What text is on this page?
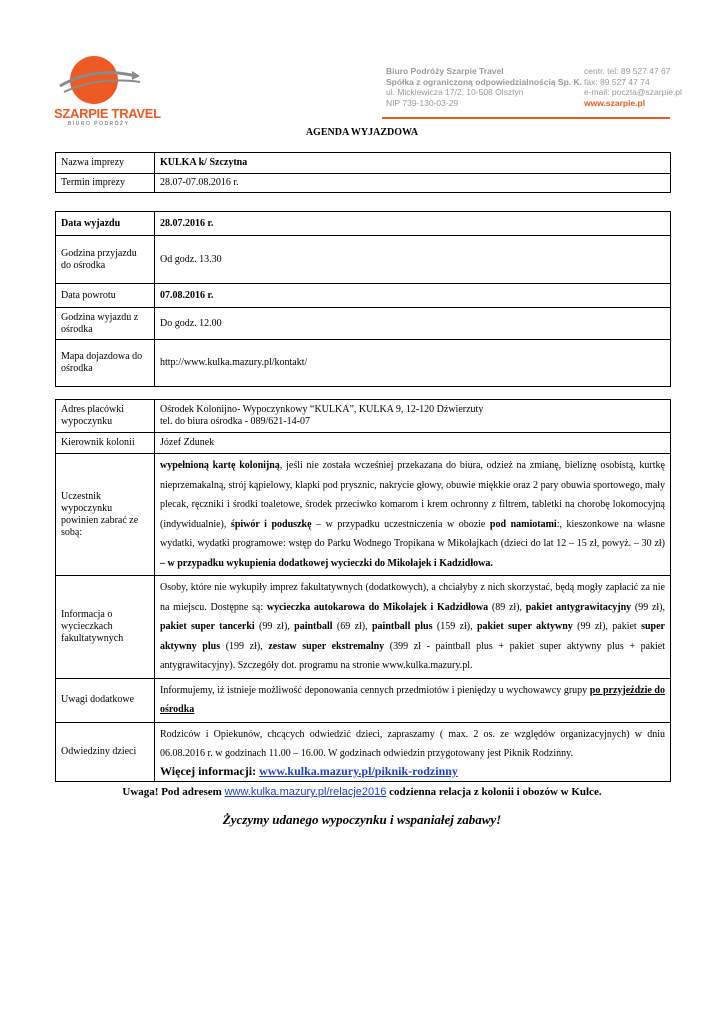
SZARPIE TRAVEL
BIURO PODRÓŻY
Biuro Podróży Szarpie Travel
Spółka z ograniczoną odpowiedzialnością Sp. K.
ul. Mickiewicza 17/2, 10-508 Olsztyn
NIP 739-130-03-29
centr. tel: 89 527 47 67
fax: 89 527 47 74
e-mail: poczta@szarpie.pl
www.szarpie.pl
AGENDA WYJAZDOWA
Nazwa imprezy	KULKA k/ Szczytna
Termin imprezy	28.07-07.08.2016 r.
Data wyjazdu	28.07.2016 r.
Godzina przyjazdu do ośrodka	Od godz. 13.30
Data powrotu	07.08.2016 r.
Godzina wyjazdu z ośrodka	Do godz. 12.00
Mapa dojazdowa do ośrodka	http://www.kulka.mazury.pl/kontakt/
Adres placówki wypoczynku	Ośrodek Kolonijno- Wypoczynkowy “KULKA”, KULKA 9, 12-120 Dźwierzuty
tel. do biura ośrodka - 089/621-14-07

Kierownik kolonii	Józef Zdunek
Uczestnik wypoczynku powinien zabrać ze sobą:	wypełnioną kartę kolonijną, jeśli nie została wcześniej przekazana do biura, odzież na zmianę, bieliznę osobistą, kurtkę nieprzemakalną, strój kąpielowy, klapki pod prysznic, nakrycie głowy, obuwie miękkie oraz 2 pary obuwia sportowego, mały plecak, ręczniki i środki toaletowe, środek przeciwko komarom i krem ochronny z filtrem, tabletki na chorobę lokomocyjną (indywidualnie), śpiwór i poduszkę – w przypadku uczestniczenia w obozie pod namiotami:, kieszonkowe na własne wydatki, wydatki programowe: wstęp do Parku Wodnego Tropikana w Mikołajkach (dzieci do lat 12 – 15 zł, powyż. – 30 zł) – w przypadku wykupienia dodatkowej wycieczki do Mikołajek i Kadzidłowa.
Informacja o wycieczkach fakultatywnych	Osoby, które nie wykupiły imprez fakultatywnych (dodatkowych), a chciałyby z nich skorzystać, będą mogły zapłacić za nie na miejscu. Dostępne są: wycieczka autokarowa do Mikołajek i Kadzidłowa (89 zł), pakiet antygrawitacyjny (99 zł), pakiet super tancerki (99 zł), paintball (69 zł), paintball plus (159 zł), pakiet super aktywny (99 zł), pakiet super aktywny plus (199 zł), zestaw super ekstremalny (399 zł - paintball plus + pakiet super aktywny plus + pakiet antygrawitacyjny). Szczegóły dot. programu na stronie www.kulka.mazury.pl.
Uwagi dodatkowe	Informujemy, iż istnieje możliwość deponowania cennych przedmiotów i pieniędzy u wychowawcy grupy po przyjeździe do ośrodka
Odwiedziny dzieci	Rodziców i Opiekunów, chcących odwiedzić dzieci, zapraszamy ( max. 2 os. ze względów organizacyjnych) w dniu 06.08.2016 r. w godzinach 11.00 – 16.00. W godzinach odwiedzin przygotowany jest Piknik Rodzinny.
Więcej informacji: www.kulka.mazury.pl/piknik-rodzinny
Uwaga! Pod adresem www.kulka.mazury.pl/relacje2016 codzienna relacja z kolonii i obozów w Kulce.
Życzymy udanego wypoczynku i wspaniałej zabawy!
